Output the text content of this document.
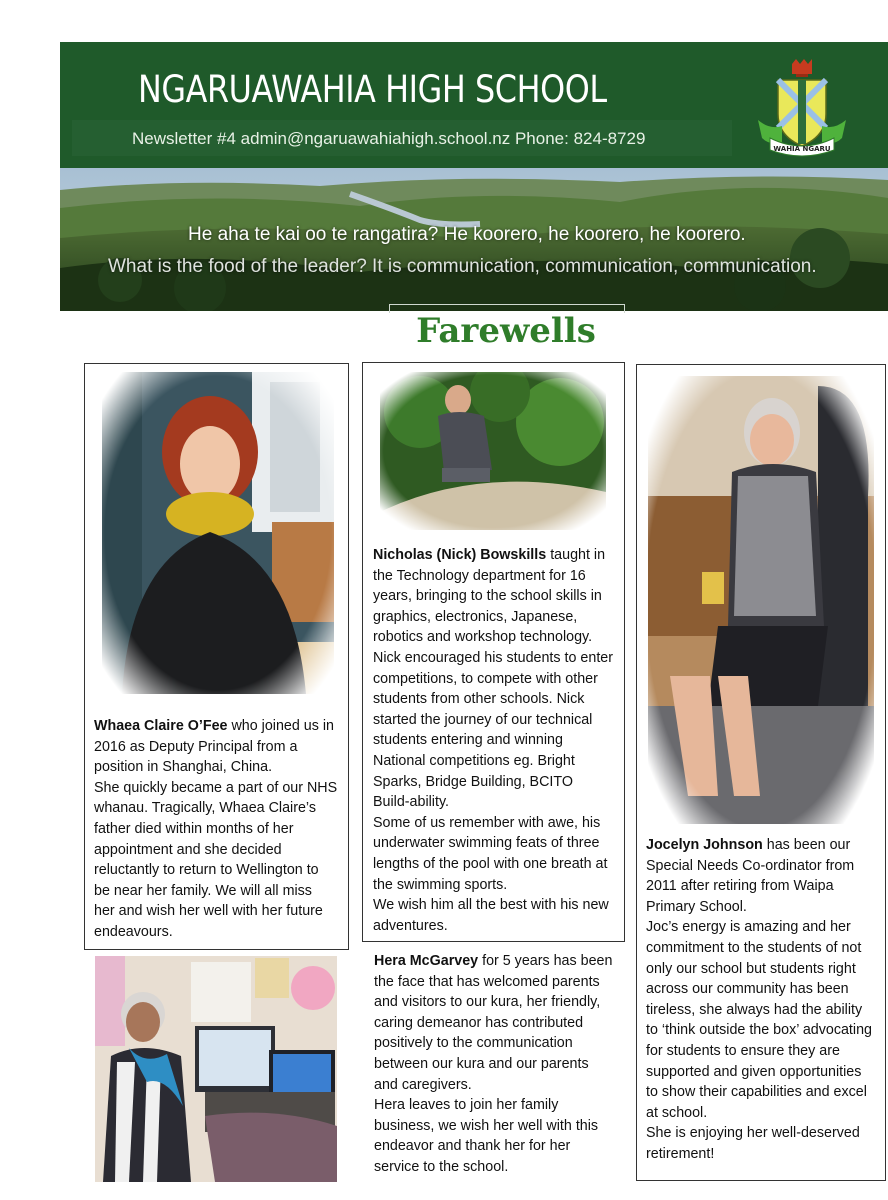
NGARUAWAHIA HIGH SCHOOL
Newsletter #4 admin@ngaruawahiahigh.school.nz Phone: 824-8729
WAHIA NGARU
He aha te kai oo te rangatira? He koorero, he koorero, he koorero.
What is the food of the leader? It is communication, communication, communication.
Farewells

Whaea Claire O’Fee who joined us in

2016 as Deputy Principal from a

position in Shanghai, China.

She quickly became a part of our NHS

whanau. Tragically, Whaea Claire’s

father died within months of her

appointment and she decided

reluctantly to return to Wellington to

be near her family. We will all miss

her and wish her well with her future

endeavours.

Nicholas (Nick) Bowskills taught in

the Technology department for 16

years, bringing to the school skills in

graphics, electronics, Japanese,

robotics and workshop technology.

Nick encouraged his students to enter

competitions, to compete with other

students from other schools. Nick

started the journey of our technical

students entering and winning

National competitions eg. Bright

Sparks, Bridge Building, BCITO

Build-ability.

Some of us remember with awe, his

underwater swimming feats of three

lengths of the pool with one breath at

the swimming sports.

We wish him all the best with his new

adventures.

Jocelyn Johnson has been our

Special Needs Co-ordinator from

2011 after retiring from Waipa

Primary School.

Joc’s energy is amazing and her

commitment to the students of not

only our school but students right

across our community has been

tireless, she always had the ability

to ‘think outside the box’ advocating

for students to ensure they are

supported and given opportunities

to show their capabilities and excel

at school.

She is enjoying her well-deserved

retirement!

Hera McGarvey for 5 years has been

the face that has welcomed parents

and visitors to our kura, her friendly,

caring demeanor has contributed

positively to the communication

between our kura and our parents

and caregivers.

Hera leaves to join her family

business, we wish her well with this

endeavor and thank her for her

service to the school.
